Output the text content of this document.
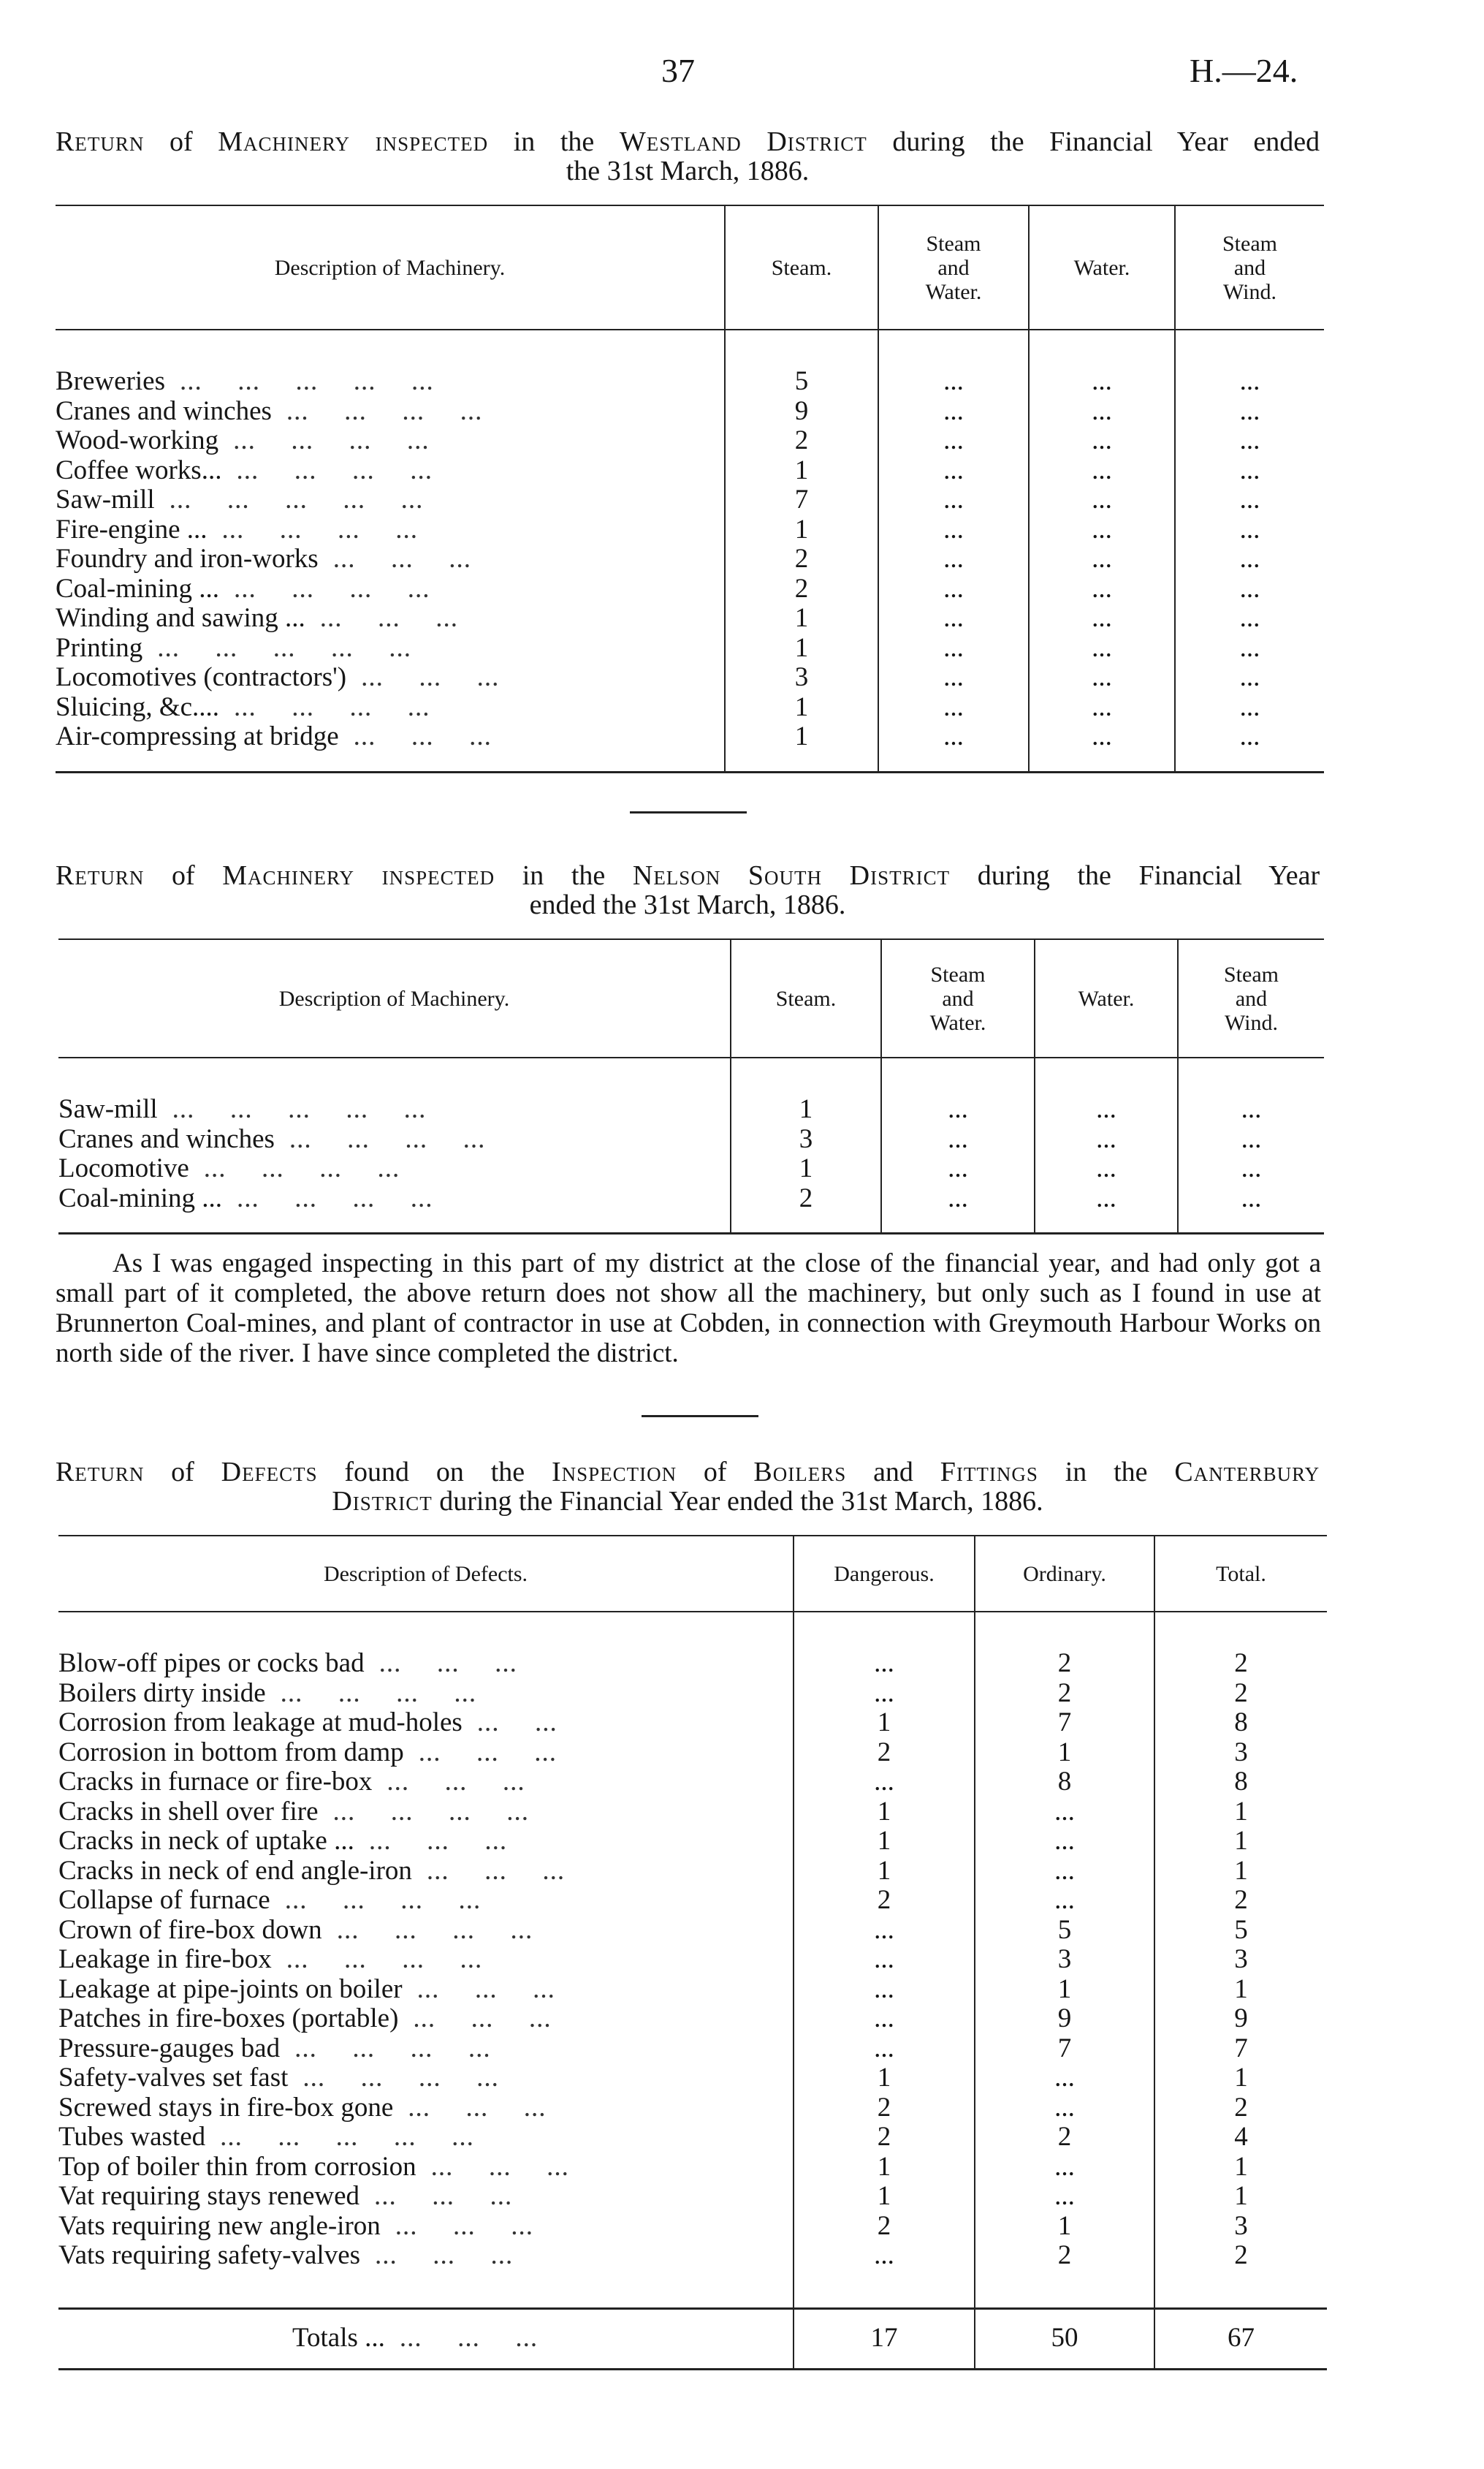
37	H.—24.
Return of Machinery inspected in the Westland District during the Financial Year ended
the 31st March, 1886.
Description of Machinery.	Steam.	Steam and Water.	Water.	Steam and Wind.

Breweries ...  ...  ...  ...  ...	5	...	...	...
Cranes and winches ...  ...  ...  ...	9	...	...	...
Wood-working ...  ...  ...  ...	2	...	...	...
Coffee works... ...  ...  ...  ...	1	...	...	...
Saw-mill ...  ...  ...  ...  ...	7	...	...	...
Fire-engine ... ...  ...  ...  ...	1	...	...	...
Foundry and iron-works ...  ...  ...	2	...	...	...
Coal-mining ... ...  ...  ...  ...	2	...	...	...
Winding and sawing ... ...  ...  ...	1	...	...	...
Printing ...  ...  ...  ...  ...	1	...	...	...
Locomotives (contractors') ...  ...  ...	3	...	...	...
Sluicing, &c.... ...  ...  ...  ...	1	...	...	...
Air-compressing at bridge ...  ...  ...	1	...	...	...

Return of Machinery inspected in the Nelson South District during the Financial Year
ended the 31st March, 1886.
Description of Machinery.	Steam.	Steam and Water.	Water.	Steam and Wind.

Saw-mill ...  ...  ...  ...  ...	1	...	...	...
Cranes and winches ...  ...  ...  ...	3	...	...	...
Locomotive ...  ...  ...  ...	1	...	...	...
Coal-mining ... ...  ...  ...  ...	2	...	...	...

As I was engaged inspecting in this part of my district at the close of the financial year, and had only got a small part of it completed, the above return does not show all the machinery, but only such as I found in use at Brunnerton Coal-mines, and plant of contractor in use at Cobden, in connection with Greymouth Harbour Works on north side of the river. I have since completed the district.
Return of Defects found on the Inspection of Boilers and Fittings in the Canterbury
District during the Financial Year ended the 31st March, 1886.
Description of Defects.	Dangerous.	Ordinary.	Total.

Blow-off pipes or cocks bad ...  ...  ...	...	2	2
Boilers dirty inside ...  ...  ...  ...	...	2	2
Corrosion from leakage at mud-holes ...  ...	1	7	8
Corrosion in bottom from damp ...  ...  ...	2	1	3
Cracks in furnace or fire-box ...  ...  ...	...	8	8
Cracks in shell over fire ...  ...  ...  ...	1	...	1
Cracks in neck of uptake ... ...  ...  ...	1	...	1
Cracks in neck of end angle-iron ...  ...  ...	1	...	1
Collapse of furnace ...  ...  ...  ...	2	...	2
Crown of fire-box down ...  ...  ...  ...	...	5	5
Leakage in fire-box ...  ...  ...  ...	...	3	3
Leakage at pipe-joints on boiler ...  ...  ...	...	1	1
Patches in fire-boxes (portable) ...  ...  ...	...	9	9
Pressure-gauges bad ...  ...  ...  ...	...	7	7
Safety-valves set fast ...  ...  ...  ...	1	...	1
Screwed stays in fire-box gone ...  ...  ...	2	...	2
Tubes wasted ...  ...  ...  ...  ...	2	2	4
Top of boiler thin from corrosion ...  ...  ...	1	...	1
Vat requiring stays renewed ...  ...  ...	1	...	1
Vats requiring new angle-iron ...  ...  ...	2	1	3
Vats requiring safety-valves ...  ...  ...	...	2	2

Totals ... ...  ...  ...	17	50	67
